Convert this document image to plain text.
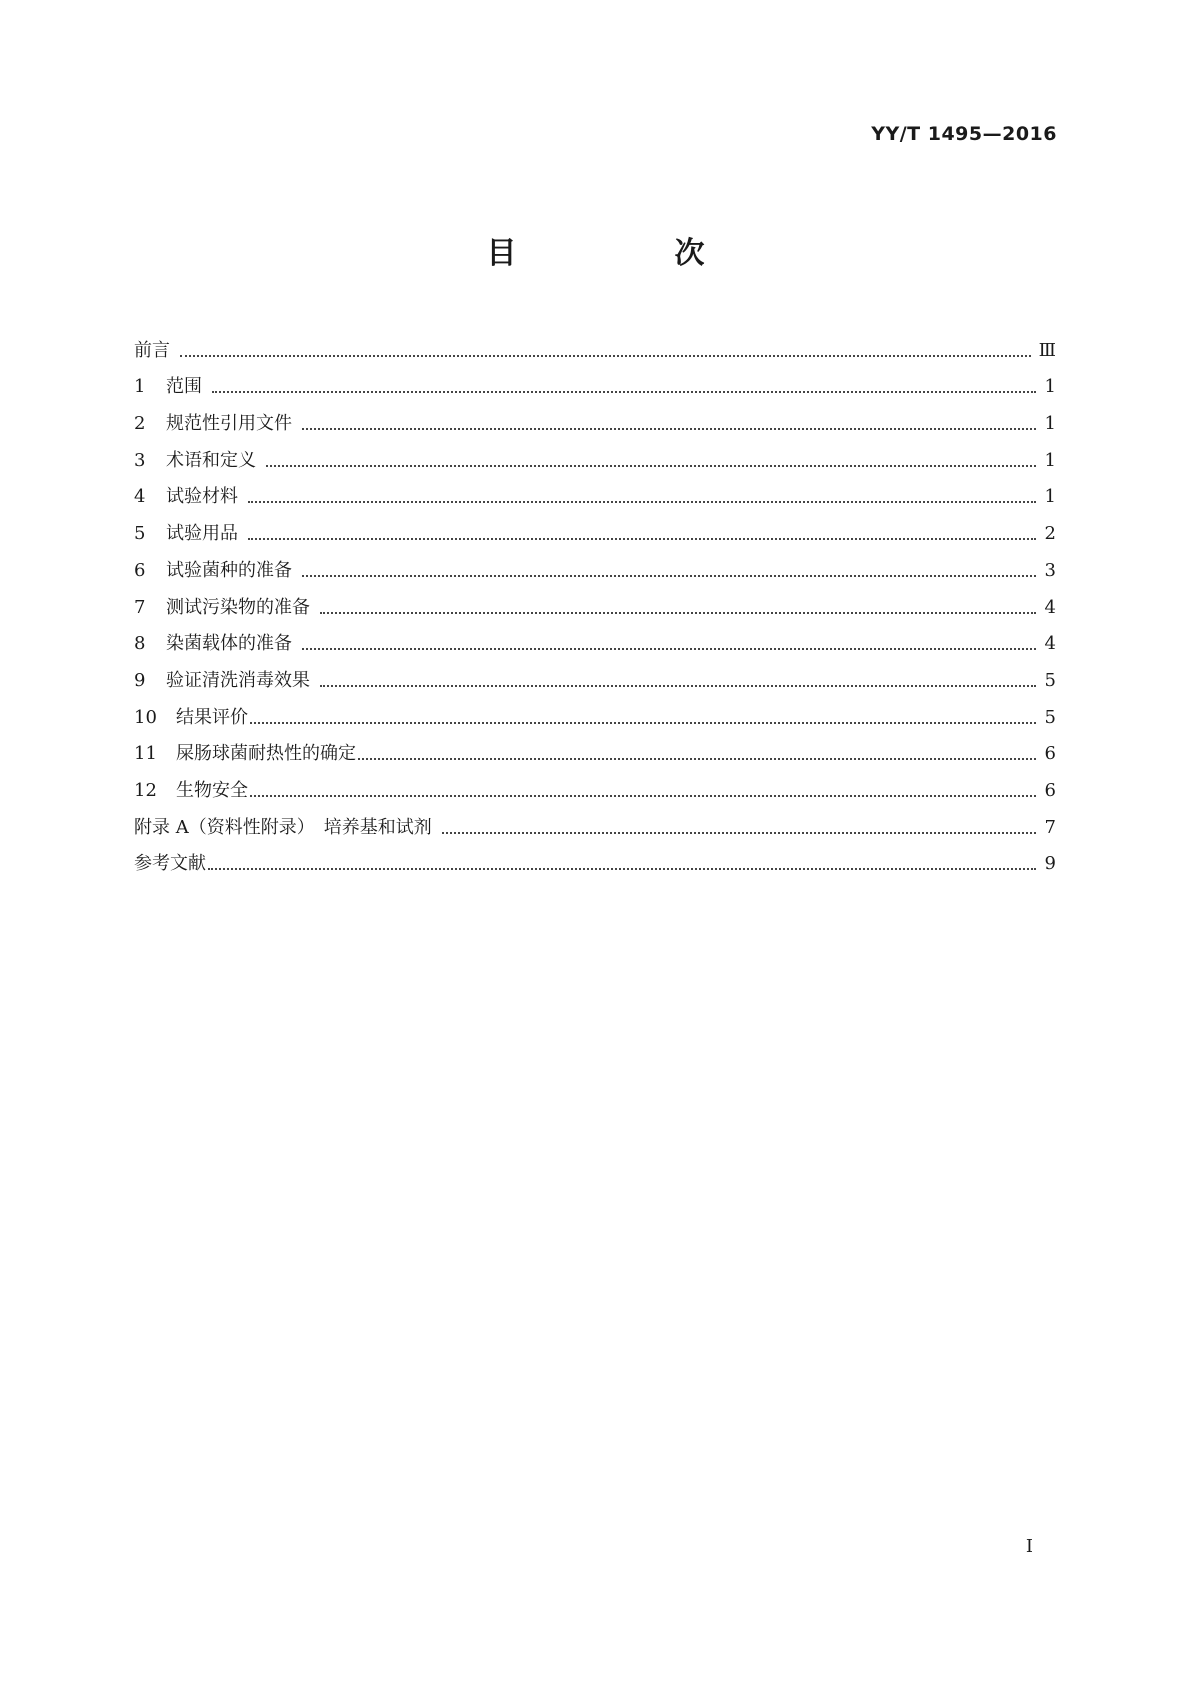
YY/T 1495—2016
目　次
前言	Ⅲ
1 范围	1
2 规范性引用文件	1
3 术语和定义	1
4 试验材料	1
5 试验用品	2
6 试验菌种的准备	3
7 测试污染物的准备	4
8 染菌载体的准备	4
9 验证清洗消毒效果	5
10 结果评价	5
11 屎肠球菌耐热性的确定	6
12 生物安全	6
附录 A（资料性附录）　培养基和试剂	7
参考文献	9
I
